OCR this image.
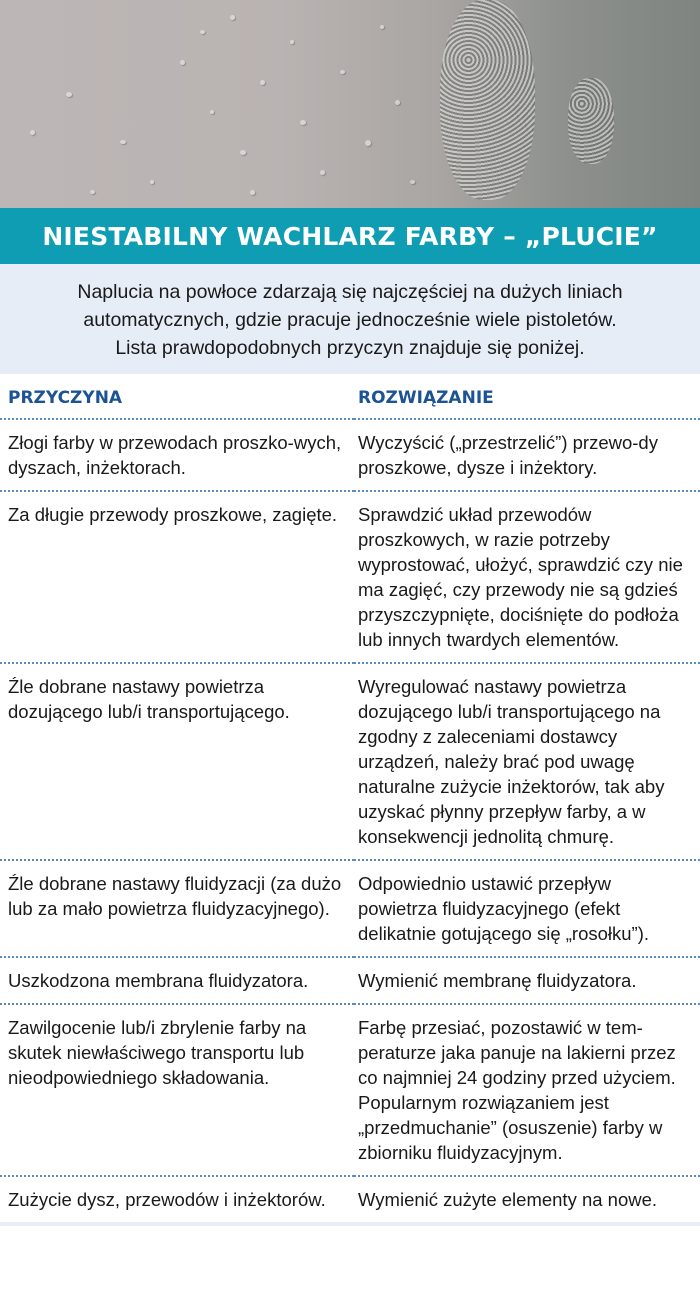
NIESTABILNY WACHLARZ FARBY – „PLUCIE”

Naplucia na powłoce zdarzają się najczęściej na dużych liniach

automatycznych, gdzie pracuje jednocześnie wiele pistoletów.

Lista prawdopodobnych przyczyn znajduje się poniżej.

PRZYCZYNA	ROZWIĄZANIE
Złogi farby w przewodach proszko-wych, dyszach, inżektorach.	Wyczyścić („przestrzelić”) przewo-dy proszkowe, dysze i inżektory.
Za długie przewody proszkowe, zagięte.	Sprawdzić układ przewodów proszkowych, w razie potrzeby wyprostować, ułożyć, sprawdzić czy nie ma zagięć, czy przewody nie są gdzieś przyszczypnięte, dociśnięte do podłoża lub innych twardych elementów.
Źle dobrane nastawy powietrza dozującego lub/i transportującego.	Wyregulować nastawy powietrza dozującego lub/i transportującego na zgodny z zaleceniami dostawcy urządzeń, należy brać pod uwagę naturalne zużycie inżektorów, tak aby uzyskać płynny przepływ farby, a w konsekwencji jednolitą chmurę.
Źle dobrane nastawy fluidyzacji (za dużo lub za mało powietrza fluidyzacyjnego).	Odpowiednio ustawić przepływ powietrza fluidyzacyjnego (efekt delikatnie gotującego się „rosołku”).
Uszkodzona membrana fluidyzatora.	Wymienić membranę fluidyzatora.
Zawilgocenie lub/i zbrylenie farby na skutek niewłaściwego transportu lub nieodpowiedniego składowania.	Farbę przesiać, pozostawić w tem-peraturze jaka panuje na lakierni przez co najmniej 24 godziny przed użyciem. Popularnym rozwiązaniem jest „przedmuchanie” (osuszenie) farby w zbiorniku fluidyzacyjnym.
Zużycie dysz, przewodów i inżektorów.	Wymienić zużyte elementy na nowe.
